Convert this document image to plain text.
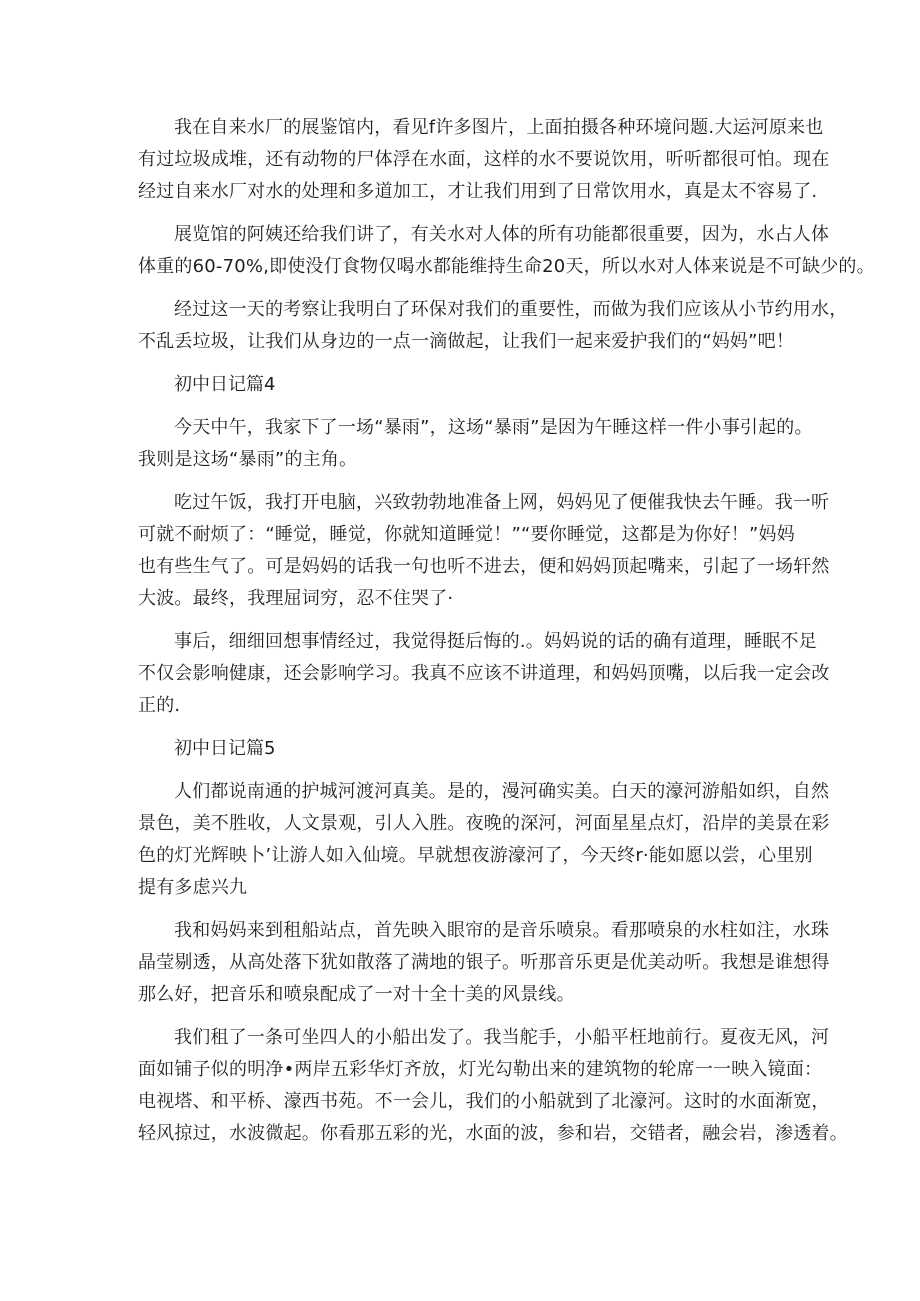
我在自来水厂的展鉴馆内，看见f许多图片，上面拍摄各种环境问题.大运河原来也
有过垃圾成堆，还有动物的尸体浮在水面，这样的水不要说饮用，听听都很可怕。现在
经过自来水厂对水的处理和多道加工，才让我们用到了日常饮用水，真是太不容易了.
展览馆的阿姨还给我们讲了，有关水对人体的所有功能都很重要，因为，水占人体
体重的60-70%,即使没仃食物仅喝水都能维持生命20天，所以水对人体来说是不可缺少的。
经过这一天的考察让我明白了环保对我们的重要性，而做为我们应该从小节约用水，
不乱丢垃圾，让我们从身边的一点一滴做起，让我们一起来爱护我们的“妈妈”吧！
初中日记篇4
今天中午，我家下了一场“暴雨”，这场“暴雨”是因为午睡这样一件小事引起的。
我则是这场“暴雨”的主角。
吃过午饭，我打开电脑，兴致勃勃地准备上网，妈妈见了便催我快去午睡。我一听
可就不耐烦了：“睡觉，睡觉，你就知道睡觉！”“要你睡觉，这都是为你好！”妈妈
也有些生气了。可是妈妈的话我一句也听不进去，便和妈妈顶起嘴来，引起了一场轩然
大波。最终，我理屈词穷，忍不住哭了·
事后，细细回想事情经过，我觉得挺后悔的.。妈妈说的话的确有道理，睡眠不足
不仅会影响健康，还会影响学习。我真不应该不讲道理，和妈妈顶嘴，以后我一定会改
正的.
初中日记篇5
人们都说南通的护城河渡河真美。是的，漫河确实美。白天的濠河游船如织，自然
景色，美不胜收，人文景观，引人入胜。夜晚的深河，河面星星点灯，沿岸的美景在彩
色的灯光辉映卜’让游人如入仙境。早就想夜游濠河了，今天终r·能如愿以尝，心里别
提有多虑兴九
我和妈妈来到租船站点，首先映入眼帘的是音乐喷泉。看那喷泉的水柱如注，水珠
晶莹剔透，从高处落下犹如散落了满地的银子。听那音乐更是优美动听。我想是谁想得
那么好，把音乐和喷泉配成了一对十全十美的风景线。
我们租了一条可坐四人的小船出发了。我当舵手，小船平枉地前行。夏夜无风，河
面如铺子似的明净•两岸五彩华灯齐放，灯光勾勒出来的建筑物的轮席一一映入镜面：
电视塔、和平桥、濠西书苑。不一会儿，我们的小船就到了北濠河。这时的水面渐宽，
轻风掠过，水波微起。你看那五彩的光，水面的波，参和岩，交错者，融会岩，渗透着。
